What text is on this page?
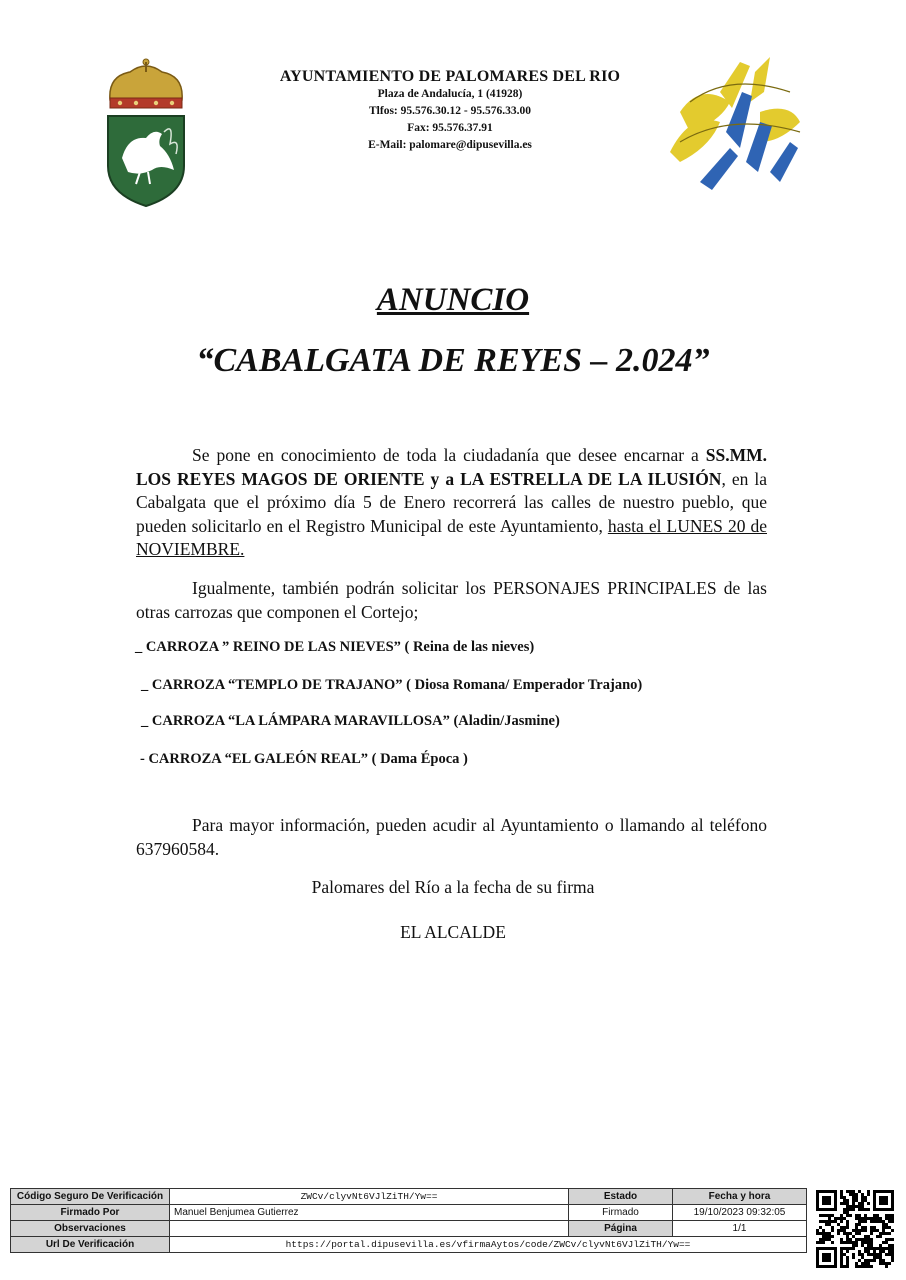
AYUNTAMIENTO DE PALOMARES DEL RIO
Plaza de Andalucía, 1 (41928)
Tlfos: 95.576.30.12 - 95.576.33.00
Fax: 95.576.37.91
E-Mail: palomare@dipusevilla.es
ANUNCIO
“CABALGATA DE REYES – 2.024”
Se pone en conocimiento de toda la ciudadanía que desee encarnar a SS.MM. LOS REYES MAGOS DE ORIENTE y a LA ESTRELLA DE LA ILUSIÓN, en la Cabalgata que el próximo día 5 de Enero recorrerá las calles de nuestro pueblo, que pueden solicitarlo en el Registro Municipal de este Ayuntamiento, hasta el LUNES 20 de NOVIEMBRE.
Igualmente, también podrán solicitar los PERSONAJES PRINCIPALES de las otras carrozas que componen el Cortejo;
_ CARROZA ” REINO DE LAS NIEVES” ( Reina de las nieves)
_ CARROZA “TEMPLO DE TRAJANO” ( Diosa Romana/ Emperador Trajano)
_ CARROZA “LA LÁMPARA MARAVILLOSA” (Aladin/Jasmine)
- CARROZA “EL GALEÓN REAL” ( Dama Época )
Para mayor información, pueden acudir al Ayuntamiento o llamando al teléfono 637960584.
Palomares del Río a la fecha de su firma
EL ALCALDE
Código Seguro De Verificación	ZWCv/clyvNt6VJlZiTH/Yw==	Estado	Fecha y hora
Firmado Por	Manuel Benjumea Gutierrez	Firmado	19/10/2023 09:32:05
Observaciones		Página	1/1
Url De Verificación	https://portal.dipusevilla.es/vfirmaAytos/code/ZWCv/clyvNt6VJlZiTH/Yw==		
